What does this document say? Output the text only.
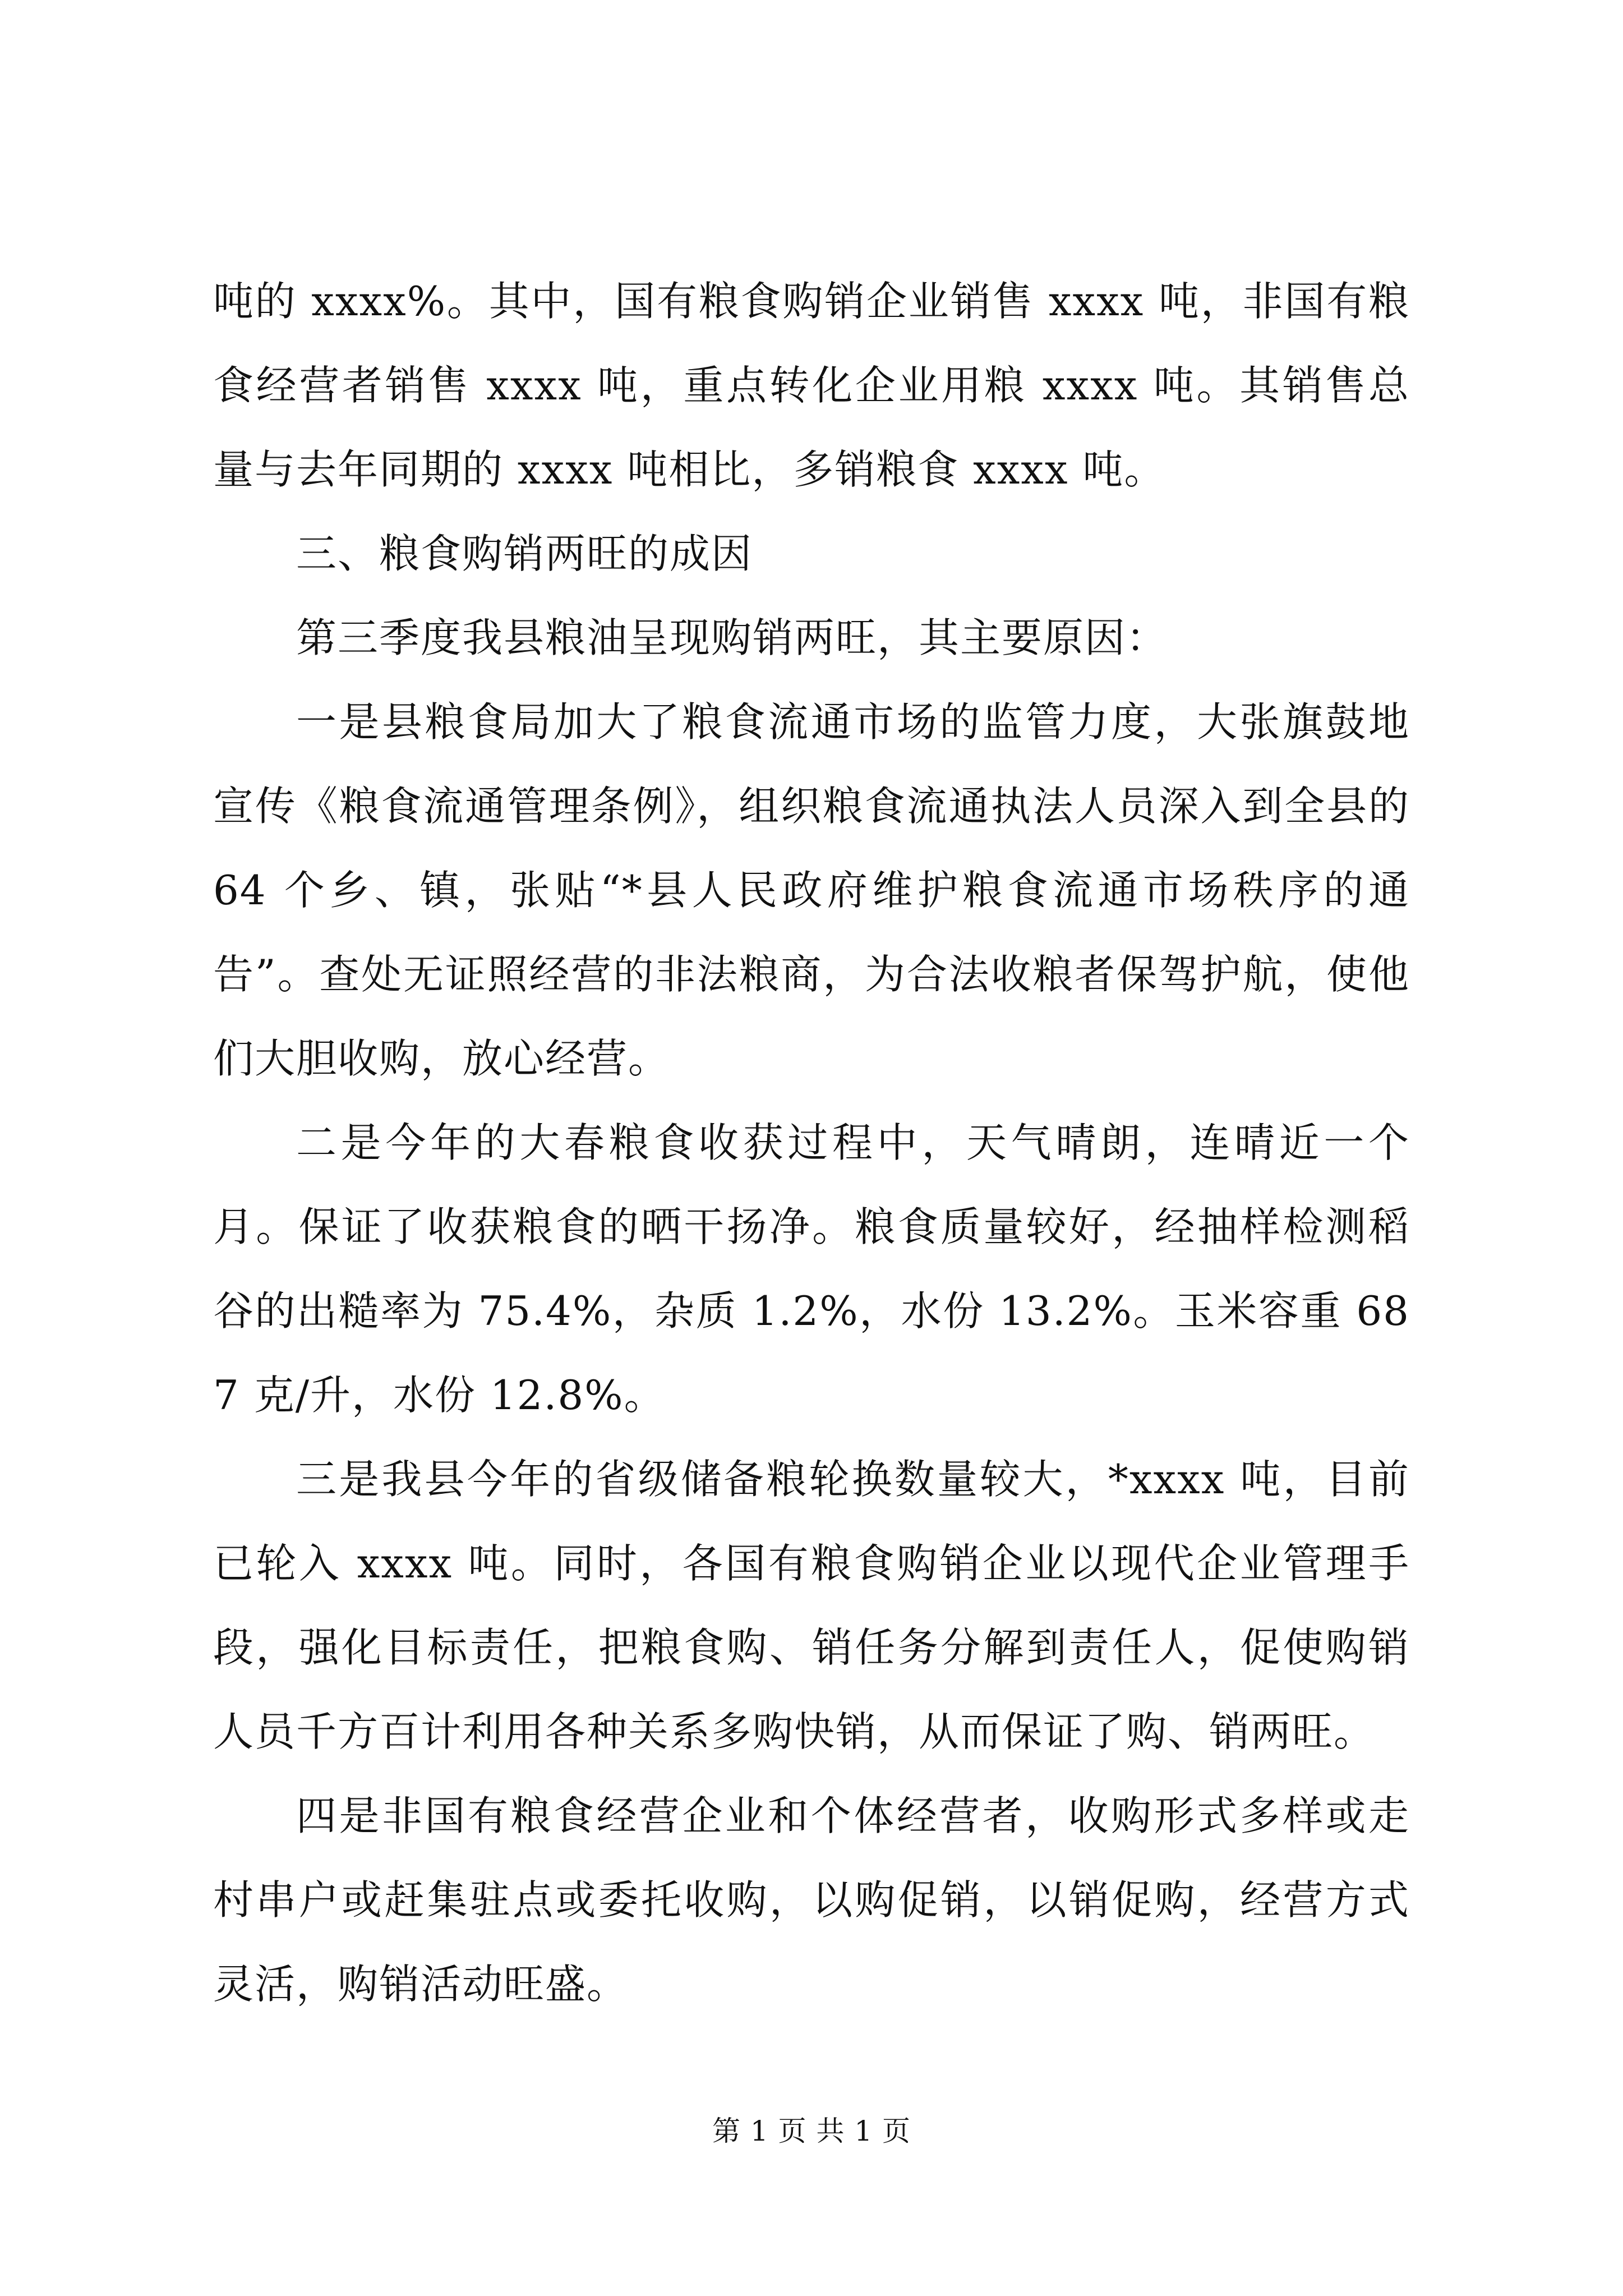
吨的 xxxx%。其中，国有粮食购销企业销售 xxxx 吨，非国有粮食经营者销售 xxxx 吨，重点转化企业用粮 xxxx 吨。其销售总量与去年同期的 xxxx 吨相比，多销粮食 xxxx 吨。

三、粮食购销两旺的成因

第三季度我县粮油呈现购销两旺，其主要原因：

一是县粮食局加大了粮食流通市场的监管力度，大张旗鼓地宣传《粮食流通管理条例》，组织粮食流通执法人员深入到全县的 64 个乡、镇，张贴“*县人民政府维护粮食流通市场秩序的通告”。查处无证照经营的非法粮商，为合法收粮者保驾护航，使他们大胆收购，放心经营。

二是今年的大春粮食收获过程中，天气晴朗，连晴近一个月。保证了收获粮食的晒干扬净。粮食质量较好，经抽样检测稻谷的出糙率为 75.4%，杂质 1.2%，水份 13.2%。玉米容重 687 克/升，水份 12.8%。

三是我县今年的省级储备粮轮换数量较大，*xxxx 吨，目前已轮入 xxxx 吨。同时，各国有粮食购销企业以现代企业管理手段，强化目标责任，把粮食购、销任务分解到责任人，促使购销人员千方百计利用各种关系多购快销，从而保证了购、销两旺。

四是非国有粮食经营企业和个体经营者，收购形式多样或走村串户或赶集驻点或委托收购，以购促销，以销促购，经营方式灵活，购销活动旺盛。

第 1 页 共 1 页
